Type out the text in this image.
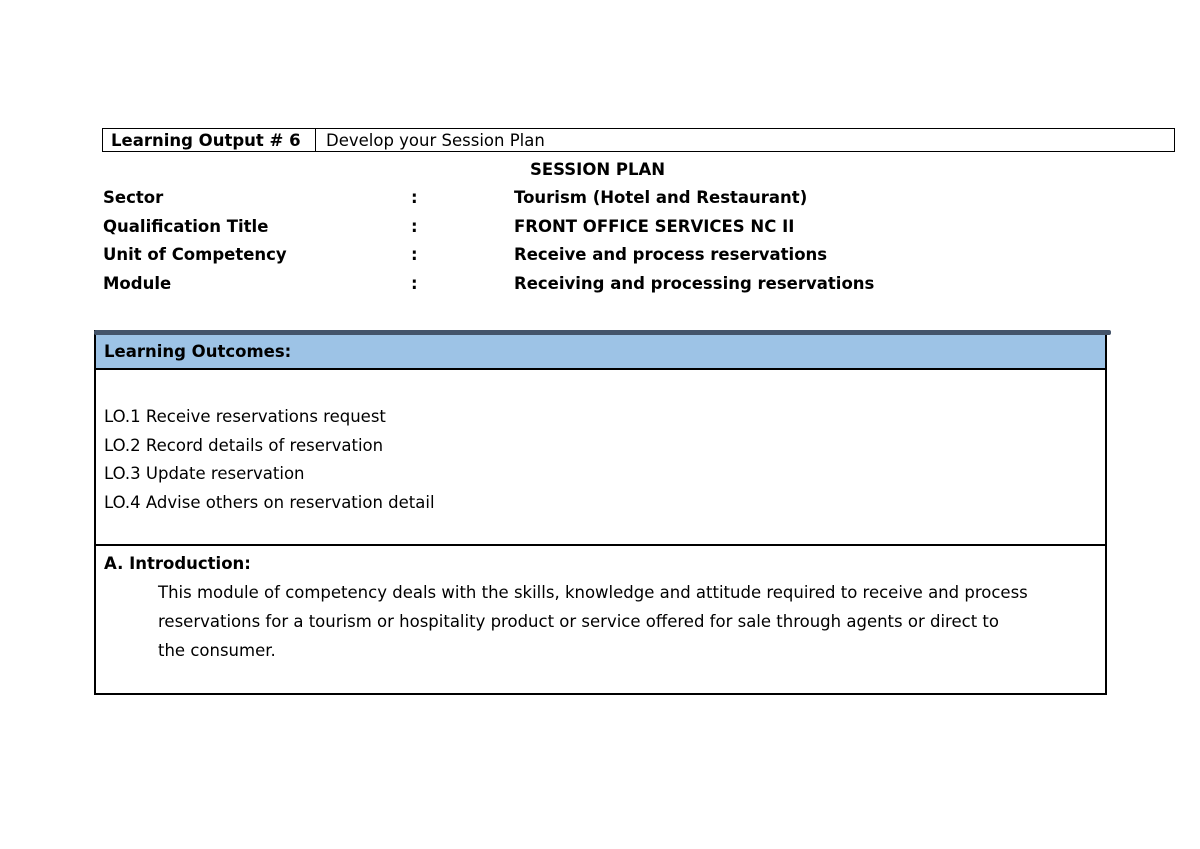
Learning Output # 6	Develop your Session Plan
SESSION PLAN
Sector	:	Tourism (Hotel and Restaurant)
Qualification Title	:	FRONT OFFICE SERVICES NC II
Unit of Competency	:	Receive and process reservations
Module	:	Receiving and processing reservations
Learning Outcomes:
LO.1 Receive reservations request
LO.2 Record details of reservation
LO.3 Update reservation
LO.4 Advise others on reservation detail
A. Introduction:
This module of competency deals with the skills, knowledge and attitude required to receive and process
reservations for a tourism or hospitality product or service offered for sale through agents or direct to
the consumer.
